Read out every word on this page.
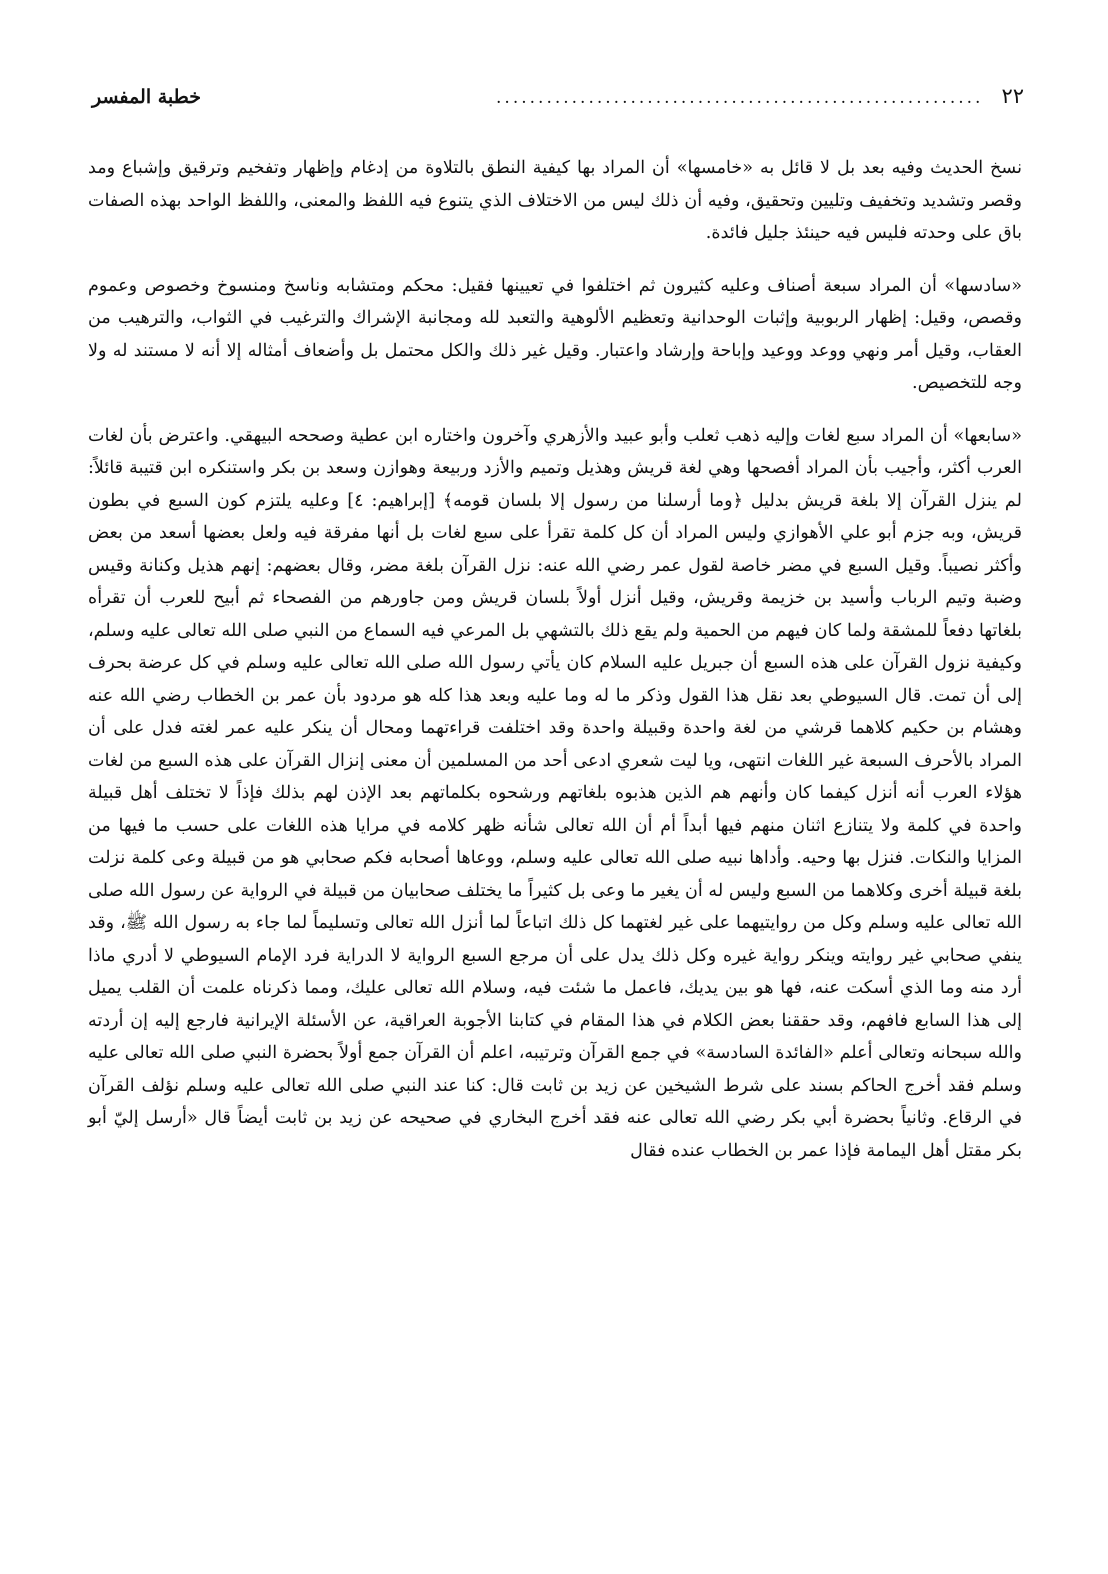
٢٢
..........................................................
خطبة المفسر

نسخ الحديث وفيه بعد بل لا قائل به «خامسها» أن المراد بها كيفية النطق بالتلاوة من إدغام وإظهار وتفخيم وترقيق وإشباع ومد وقصر وتشديد وتخفيف وتليين وتحقيق، وفيه أن ذلك ليس من الاختلاف الذي يتنوع فيه اللفظ والمعنى، واللفظ الواحد بهذه الصفات باق على وحدته فليس فيه حينئذ جليل فائدة.

«سادسها» أن المراد سبعة أصناف وعليه كثيرون ثم اختلفوا في تعيينها فقيل: محكم ومتشابه وناسخ ومنسوخ وخصوص وعموم وقصص، وقيل: إظهار الربوبية وإثبات الوحدانية وتعظيم الألوهية والتعبد لله ومجانبة الإشراك والترغيب في الثواب، والترهيب من العقاب، وقيل أمر ونهي ووعد ووعيد وإباحة وإرشاد واعتبار. وقيل غير ذلك والكل محتمل بل وأضعاف أمثاله إلا أنه لا مستند له ولا وجه للتخصيص.

«سابعها» أن المراد سبع لغات وإليه ذهب ثعلب وأبو عبيد والأزهري وآخرون واختاره ابن عطية وصححه البيهقي. واعترض بأن لغات العرب أكثر، وأجيب بأن المراد أفصحها وهي لغة قريش وهذيل وتميم والأزد وربيعة وهوازن وسعد بن بكر واستنكره ابن قتيبة قائلاً: لم ينزل القرآن إلا بلغة قريش بدليل ﴿وما أرسلنا من رسول إلا بلسان قومه﴾ [إبراهيم: ٤] وعليه يلتزم كون السبع في بطون قريش، وبه جزم أبو علي الأهوازي وليس المراد أن كل كلمة تقرأ على سبع لغات بل أنها مفرقة فيه ولعل بعضها أسعد من بعض وأكثر نصيباً. وقيل السبع في مضر خاصة لقول عمر رضي الله عنه: نزل القرآن بلغة مضر، وقال بعضهم: إنهم هذيل وكنانة وقيس وضبة وتيم الرباب وأسيد بن خزيمة وقريش، وقيل أنزل أولاً بلسان قريش ومن جاورهم من الفصحاء ثم أبيح للعرب أن تقرأه بلغاتها دفعاً للمشقة ولما كان فيهم من الحمية ولم يقع ذلك بالتشهي بل المرعي فيه السماع من النبي صلى الله تعالى عليه وسلم، وكيفية نزول القرآن على هذه السبع أن جبريل عليه السلام كان يأتي رسول الله صلى الله تعالى عليه وسلم في كل عرضة بحرف إلى أن تمت. قال السيوطي بعد نقل هذا القول وذكر ما له وما عليه وبعد هذا كله هو مردود بأن عمر بن الخطاب رضي الله عنه وهشام بن حكيم كلاهما قرشي من لغة واحدة وقبيلة واحدة وقد اختلفت قراءتهما ومحال أن ينكر عليه عمر لغته فدل على أن المراد بالأحرف السبعة غير اللغات انتهى، ويا ليت شعري ادعى أحد من المسلمين أن معنى إنزال القرآن على هذه السبع من لغات هؤلاء العرب أنه أنزل كيفما كان وأنهم هم الذين هذبوه بلغاتهم ورشحوه بكلماتهم بعد الإذن لهم بذلك فإذاً لا تختلف أهل قبيلة واحدة في كلمة ولا يتنازع اثنان منهم فيها أبداً أم أن الله تعالى شأنه ظهر كلامه في مرايا هذه اللغات على حسب ما فيها من المزايا والنكات. فنزل بها وحيه. وأداها نبيه صلى الله تعالى عليه وسلم، ووعاها أصحابه فكم صحابي هو من قبيلة وعى كلمة نزلت بلغة قبيلة أخرى وكلاهما من السبع وليس له أن يغير ما وعى بل كثيراً ما يختلف صحابيان من قبيلة في الرواية عن رسول الله صلى الله تعالى عليه وسلم وكل من روايتيهما على غير لغتهما كل ذلك اتباعاً لما أنزل الله تعالى وتسليماً لما جاء به رسول الله ﷺ، وقد ينفي صحابي غير روايته وينكر رواية غيره وكل ذلك يدل على أن مرجع السبع الرواية لا الدراية فرد الإمام السيوطي لا أدري ماذا أرد منه وما الذي أسكت عنه، فها هو بين يديك، فاعمل ما شئت فيه، وسلام الله تعالى عليك، ومما ذكرناه علمت أن القلب يميل إلى هذا السابع فافهم، وقد حققنا بعض الكلام في هذا المقام في كتابنا الأجوبة العراقية، عن الأسئلة الإيرانية فارجع إليه إن أردته والله سبحانه وتعالى أعلم «الفائدة السادسة» في جمع القرآن وترتيبه، اعلم أن القرآن جمع أولاً بحضرة النبي صلى الله تعالى عليه وسلم فقد أخرج الحاكم بسند على شرط الشيخين عن زيد بن ثابت قال: كنا عند النبي صلى الله تعالى عليه وسلم نؤلف القرآن في الرقاع. وثانياً بحضرة أبي بكر رضي الله تعالى عنه فقد أخرج البخاري في صحيحه عن زيد بن ثابت أيضاً قال «أرسل إليّ أبو بكر مقتل أهل اليمامة فإذا عمر بن الخطاب عنده فقال
